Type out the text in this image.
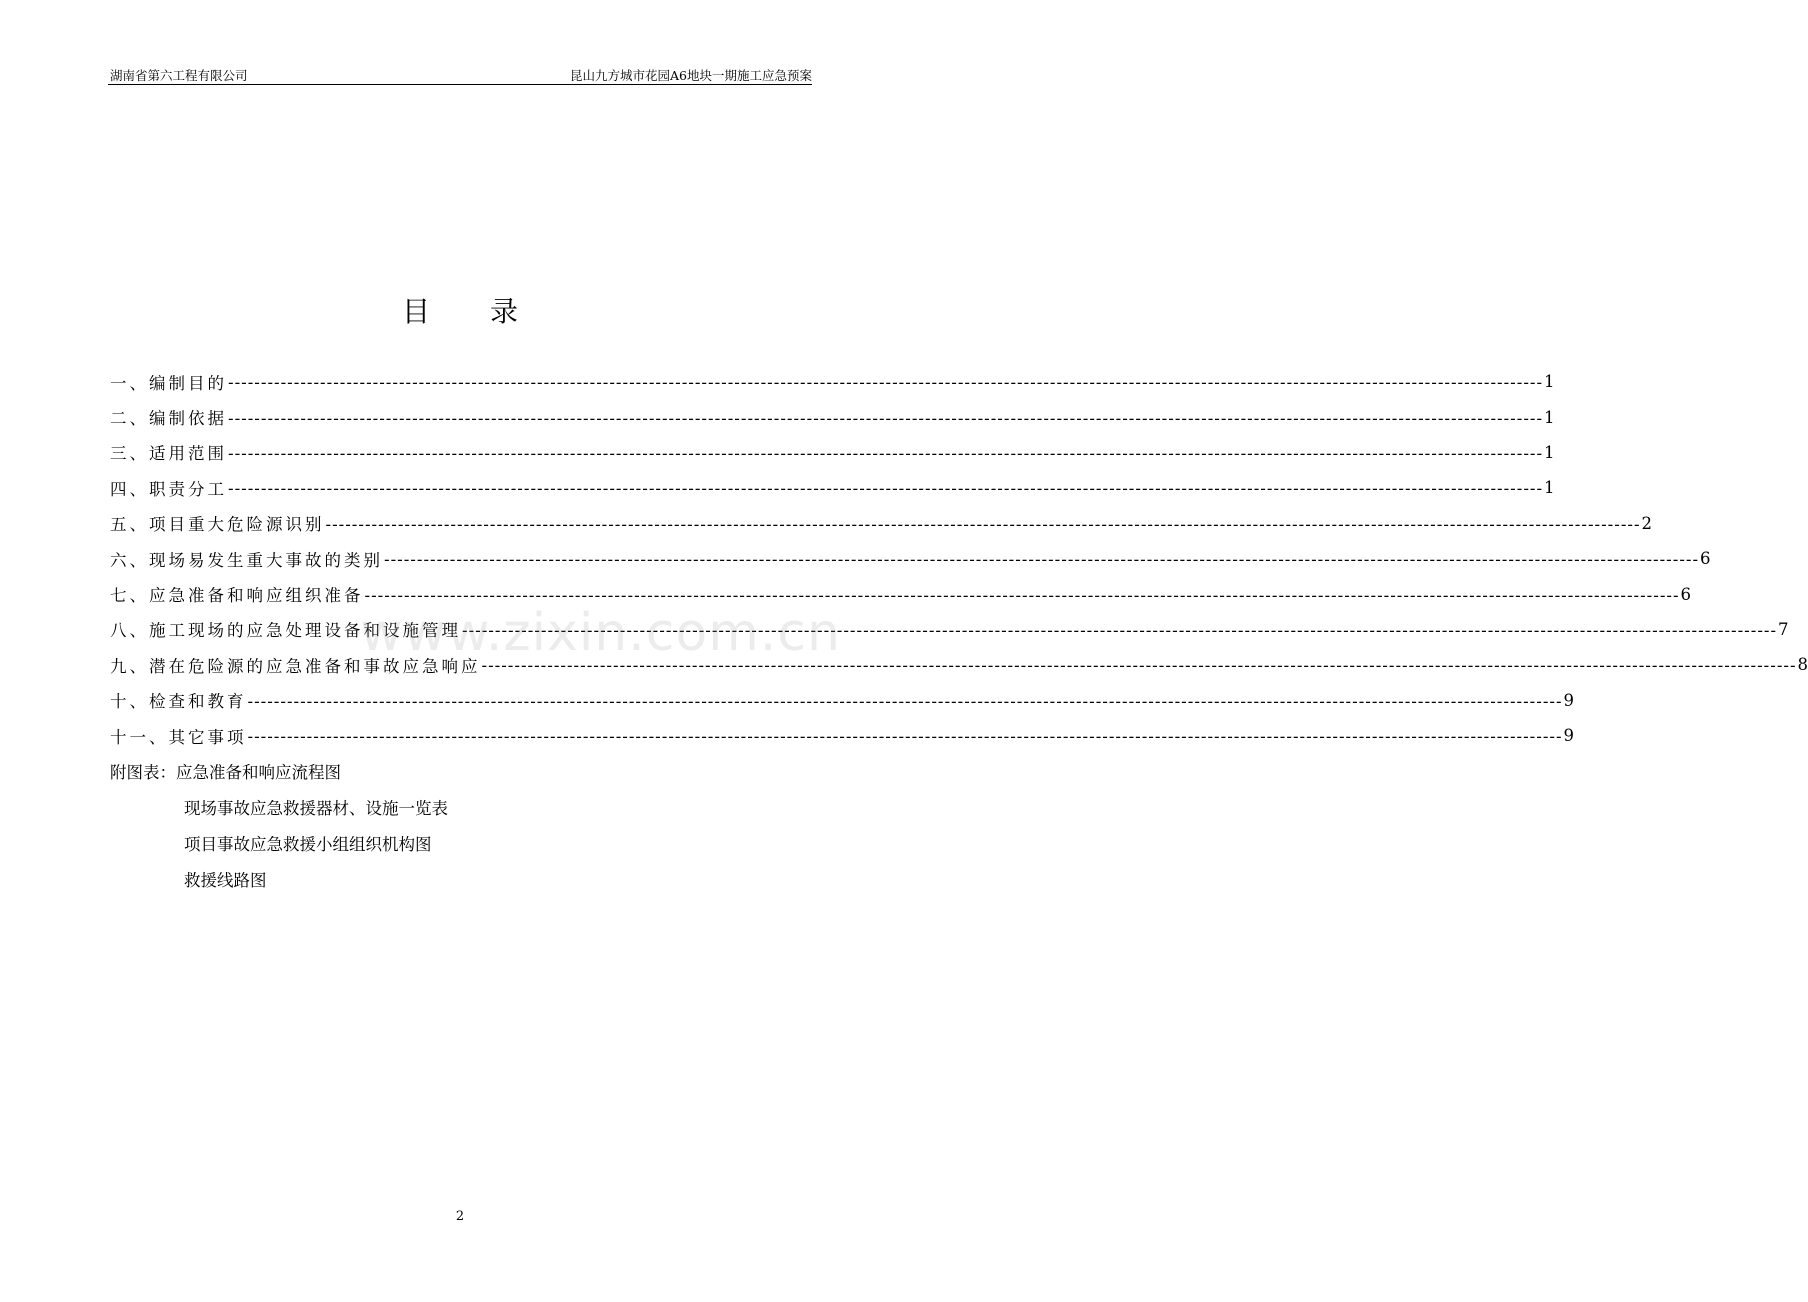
湖南省第六工程有限公司	昆山九方城市花园A6地块一期施工应急预案
目 录
一、编制目的 -------------------------------------------------------------------------------------------------------------------------------------------------------------------------------------------------------- 1
二、编制依据 -------------------------------------------------------------------------------------------------------------------------------------------------------------------------------------------------------- 1
三、适用范围 -------------------------------------------------------------------------------------------------------------------------------------------------------------------------------------------------------- 1
四、职责分工 -------------------------------------------------------------------------------------------------------------------------------------------------------------------------------------------------------- 1
五、项目重大危险源识别 -------------------------------------------------------------------------------------------------------------------------------------------------------------------------------------------------------- 2
六、现场易发生重大事故的类别 -------------------------------------------------------------------------------------------------------------------------------------------------------------------------------------------------------- 6
七、应急准备和响应组织准备 -------------------------------------------------------------------------------------------------------------------------------------------------------------------------------------------------------- 6
八、施工现场的应急处理设备和设施管理 -------------------------------------------------------------------------------------------------------------------------------------------------------------------------------------------------------- 7
九、潜在危险源的应急准备和事故应急响应 -------------------------------------------------------------------------------------------------------------------------------------------------------------------------------------------------------- 8
十、检查和教育 -------------------------------------------------------------------------------------------------------------------------------------------------------------------------------------------------------- 9
十一、其它事项 -------------------------------------------------------------------------------------------------------------------------------------------------------------------------------------------------------- 9
附图表：应急准备和响应流程图
现场事故应急救援器材、设施一览表
项目事故应急救援小组组织机构图
救援线路图
www.zixin.com.cn
2
